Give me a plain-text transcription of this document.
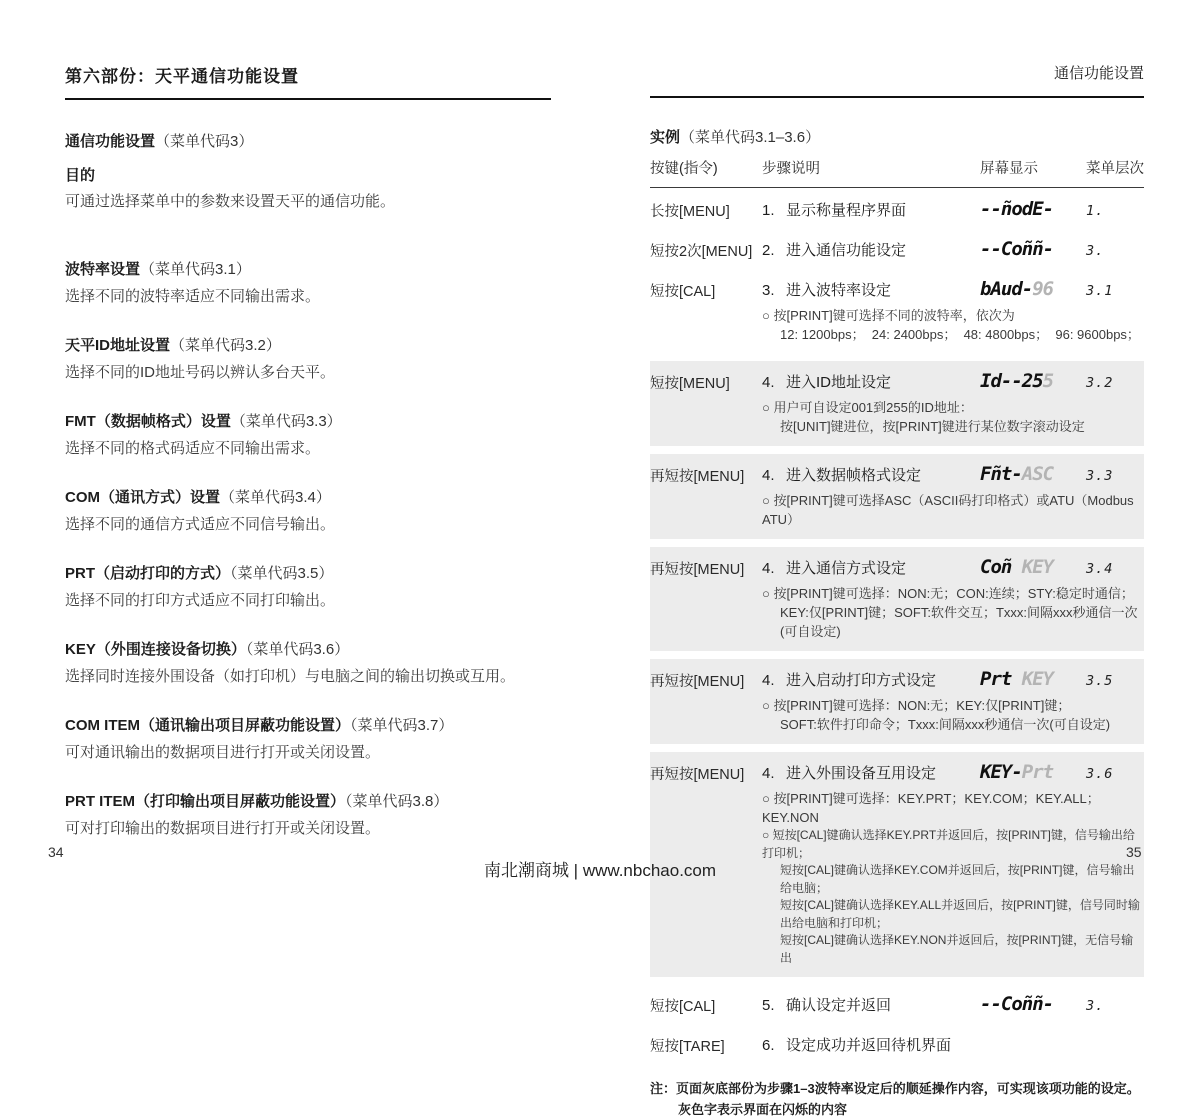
第六部份：天平通信功能设置
通信功能设置（菜单代码3）
目的

可通过选择菜单中的参数来设置天平的通信功能。

波特率设置（菜单代码3.1）

选择不同的波特率适应不同输出需求。

天平ID地址设置（菜单代码3.2）

选择不同的ID地址号码以辨认多台天平。

FMT（数据帧格式）设置（菜单代码3.3）

选择不同的格式码适应不同输出需求。

COM（通讯方式）设置（菜单代码3.4）

选择不同的通信方式适应不同信号输出。

PRT（启动打印的方式）（菜单代码3.5）

选择不同的打印方式适应不同打印输出。

KEY（外围连接设备切换）（菜单代码3.6）

选择同时连接外围设备（如打印机）与电脑之间的输出切换或互用。

COM ITEM（通讯输出项目屏蔽功能设置）（菜单代码3.7）

可对通讯输出的数据项目进行打开或关闭设置。

PRT ITEM（打印输出项目屏蔽功能设置）（菜单代码3.8）

可对打印输出的数据项目进行打开或关闭设置。

通信功能设置
实例（菜单代码3.1–3.6）
按键(指令)	步骤说明	屏幕显示	菜单层次
长按[MENU]	1. 显示称量程序界面	--ñodE-	1.
短按2次[MENU] 2. 进入通信功能设定	--Coññ-	3.
短按[CAL]	3. 进入波特率设定	bAud-96	3.1
○ 按[PRINT]键可选择不同的波特率，依次为
12: 1200bps；  24: 2400bps；  48: 4800bps；  96: 9600bps；
短按[MENU]	4. 进入ID地址设定	Id--255	3.2
○ 用户可自设定001到255的ID地址：
按[UNIT]键进位，按[PRINT]键进行某位数字滚动设定
再短按[MENU]	4. 进入数据帧格式设定	Fñt-ASC	3.3
○ 按[PRINT]键可选择ASC（ASCII码打印格式）或ATU（Modbus ATU）
再短按[MENU]	4. 进入通信方式设定	Coñ KEY	3.4
○ 按[PRINT]键可选择：NON:无；CON:连续；STY:稳定时通信；
KEY:仅[PRINT]键；SOFT:软件交互；Txxx:间隔xxx秒通信一次(可自设定)
再短按[MENU]	4. 进入启动打印方式设定	Prt KEY	3.5
○ 按[PRINT]键可选择：NON:无；KEY:仅[PRINT]键；
SOFT:软件打印命令；Txxx:间隔xxx秒通信一次(可自设定)
再短按[MENU]	4. 进入外围设备互用设定	KEY-Prt	3.6
○ 按[PRINT]键可选择：KEY.PRT；KEY.COM；KEY.ALL；KEY.NON
○ 短按[CAL]键确认选择KEY.PRT并返回后，按[PRINT]键，信号输出给打印机；
短按[CAL]键确认选择KEY.COM并返回后，按[PRINT]键，信号输出给电脑；
短按[CAL]键确认选择KEY.ALL并返回后，按[PRINT]键，信号同时输出给电脑和打印机；
短按[CAL]键确认选择KEY.NON并返回后，按[PRINT]键，无信号输出
短按[CAL]	5. 确认设定并返回	--Coññ-	3.
短按[TARE]	6. 设定成功并返回待机界面
注：页面灰底部份为步骤1–3波特率设定后的顺延操作内容，可实现该项功能的设定。
灰色字表示界面在闪烁的内容
34	35
南北潮商城 | www.nbchao.com
